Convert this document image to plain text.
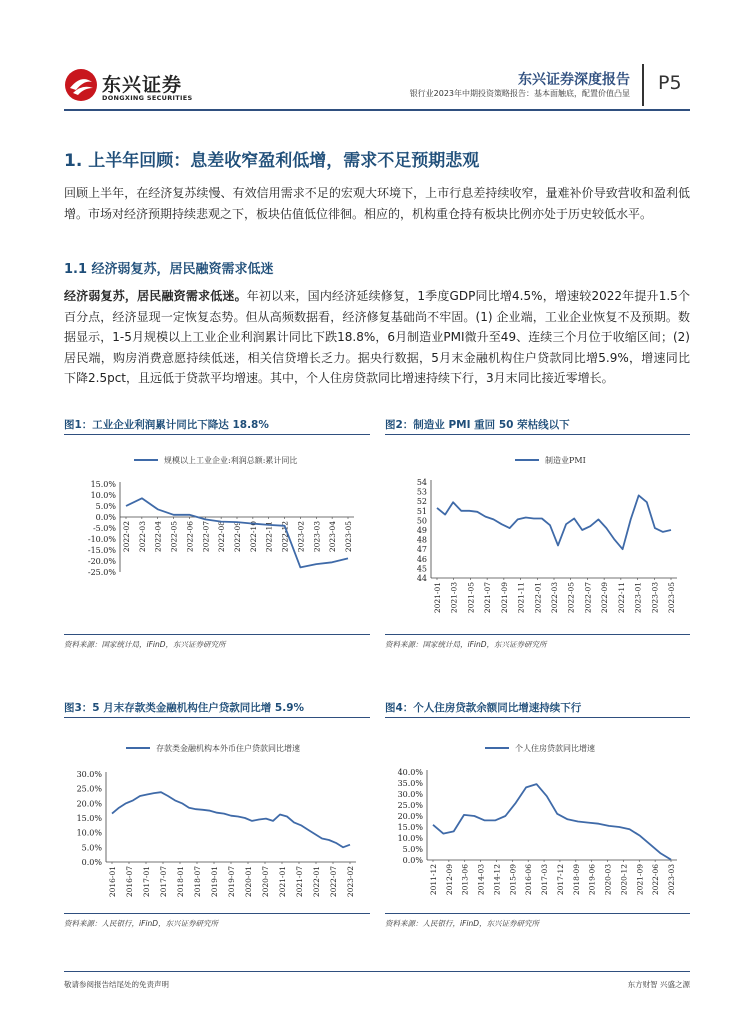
东兴证券
DONGXING SECURITIES
东兴证券深度报告
银行业2023年中期投资策略报告：基本面触底，配置价值凸显 P5
1. 上半年回顾：息差收窄盈利低增，需求不足预期悲观
回顾上半年，在经济复苏续慢、有效信用需求不足的宏观大环境下，上市行息差持续收窄，量难补价导致营收和盈利低增。市场对经济预期持续悲观之下，板块估值低位徘徊。相应的，机构重仓持有板块比例亦处于历史较低水平。
1.1 经济弱复苏，居民融资需求低迷
经济弱复苏，居民融资需求低迷。年初以来，国内经济延续修复，1季度GDP同比增4.5%，增速较2022年提升1.5个百分点，经济显现一定恢复态势。但从高频数据看，经济修复基础尚不牢固。(1) 企业端，工业企业恢复不及预期。数据显示，1-5月规模以上工业企业利润累计同比下跌18.8%，6月制造业PMI微升至49、连续三个月位于收缩区间；(2) 居民端，购房消费意愿持续低迷，相关信贷增长乏力。据央行数据，5月末金融机构住户贷款同比增5.9%，增速同比下降2.5pct，且远低于贷款平均增速。其中，个人住房贷款同比增速持续下行，3月末同比接近零增长。
图1：工业企业利润累计同比下降达 18.8%	图2：制造业 PMI 重回 50 荣枯线以下
资料来源：国家统计局，iFinD，东兴证券研究所	资料来源：国家统计局，iFinD，东兴证券研究所
图3：5 月末存款类金融机构住户贷款同比增 5.9%	图4：个人住房贷款余额同比增速持续下行
资料来源：人民银行，iFinD，东兴证券研究所	资料来源：人民银行，iFinD，东兴证券研究所
规模以上工业企业:利润总额:累计同比
15.0%
10.0%
5.0%
0.0%
-5.0%
-10.0%
-15.0%
-20.0%
-25.0%
2022-02 2022-03 2022-04 2022-05 2022-06 2022-07 2022-08 2022-09 2022-10 2022-11 2022-12 2023-02 2023-03 2023-04 2023-05
制造业PMI
54
53
52
51
50
49
48
47
46
45
44
2021-01 2021-03 2021-05 2021-07 2021-09 2021-11 2022-01 2022-03 2022-05 2022-07 2022-09 2022-11 2023-01 2023-03 2023-05
存款类金融机构本外币住户贷款同比增速
30.0%
25.0%
20.0%
15.0%
10.0%
5.0%
0.0%
2016-01 2016-07 2017-01 2017-07 2018-01 2018-07 2019-01 2019-07 2020-01 2020-07 2021-01 2021-07 2022-01 2022-07 2023-02
个人住房贷款同比增速
40.0%
35.0%
30.0%
25.0%
20.0%
15.0%
10.0%
5.0%
0.0%
2011-12 2012-09 2013-06 2014-03 2014-12 2015-09 2016-06 2017-03 2017-12 2018-09 2019-06 2020-03 2020-12 2021-09 2022-06 2023-03
敬请参阅报告结尾处的免责声明	东方财智 兴盛之源
